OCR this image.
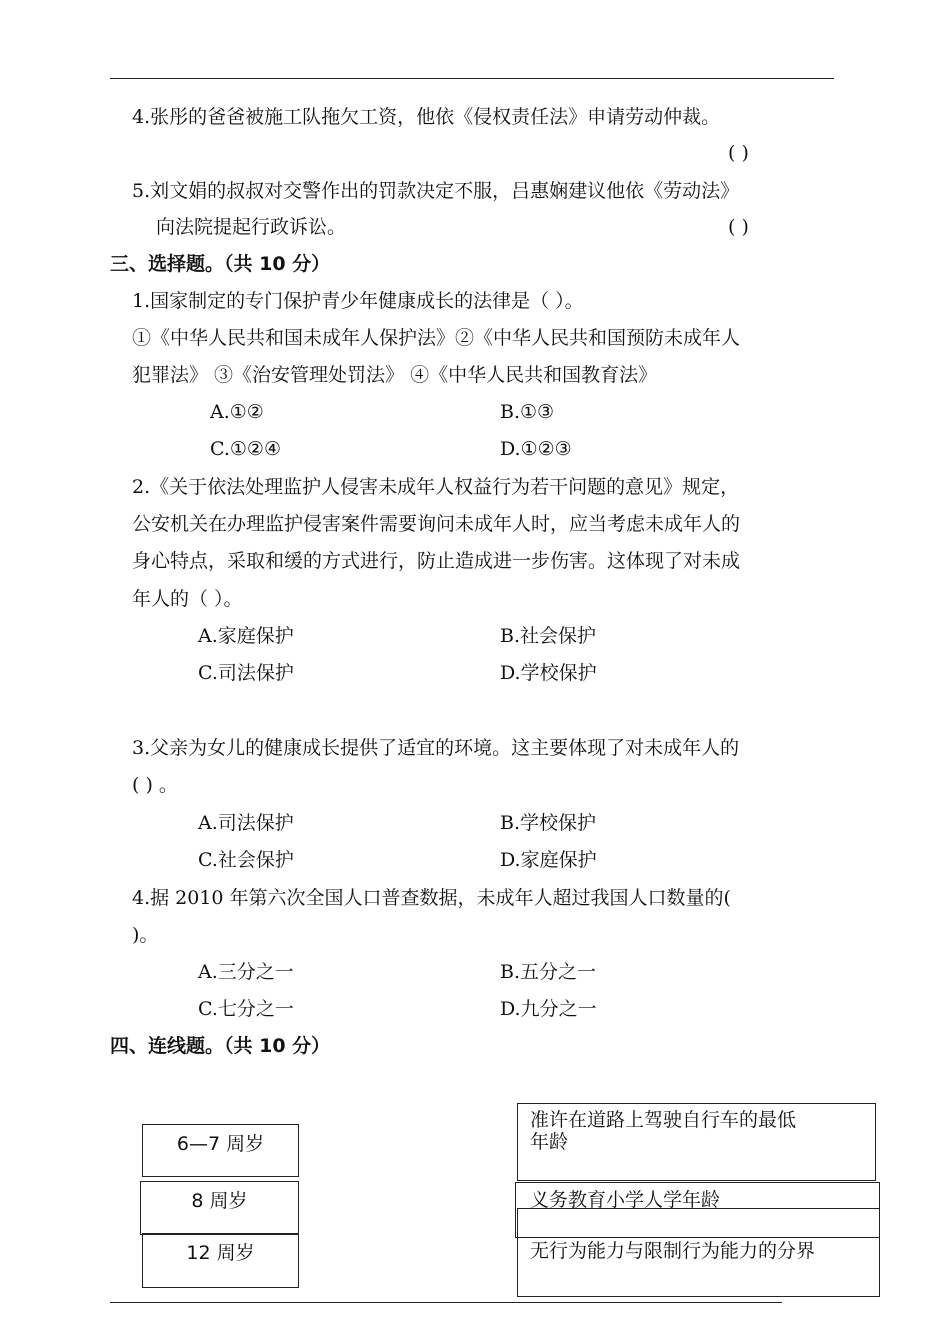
4.张彤的爸爸被施工队拖欠工资，他依《侵权责任法》申请劳动仲裁。
( )
5.刘文娟的叔叔对交警作出的罚款决定不服，吕惠娴建议他依《劳动法》
向法院提起行政诉讼。	( )
三、选择题。（共 10 分）
1.国家制定的专门保护青少年健康成长的法律是（ ）。
①《中华人民共和国未成年人保护法》②《中华人民共和国预防未成年人
犯罪法》 ③《治安管理处罚法》 ④《中华人民共和国教育法》
A.①②	B.①③
C.①②④	D.①②③
2.《关于依法处理监护人侵害未成年人权益行为若干问题的意见》规定，
公安机关在办理监护侵害案件需要询问未成年人时，应当考虑未成年人的
身心特点，采取和缓的方式进行，防止造成进一步伤害。这体现了对未成
年人的（ ）。
A.家庭保护	B.社会保护
C.司法保护	D.学校保护
3.父亲为女儿的健康成长提供了适宜的环境。这主要体现了对未成年人的
( ) 。
A.司法保护	B.学校保护
C.社会保护	D.家庭保护
4.据 2010 年第六次全国人口普查数据，未成年人超过我国人口数量的(
)。
A.三分之一	B.五分之一
C.七分之一	D.九分之一
四、连线题。（共 10 分）
6—7 周岁
8 周岁
12 周岁
准许在道路上驾驶自行车的最低
年龄
义务教育小学人学年龄
无行为能力与限制行为能力的分界
